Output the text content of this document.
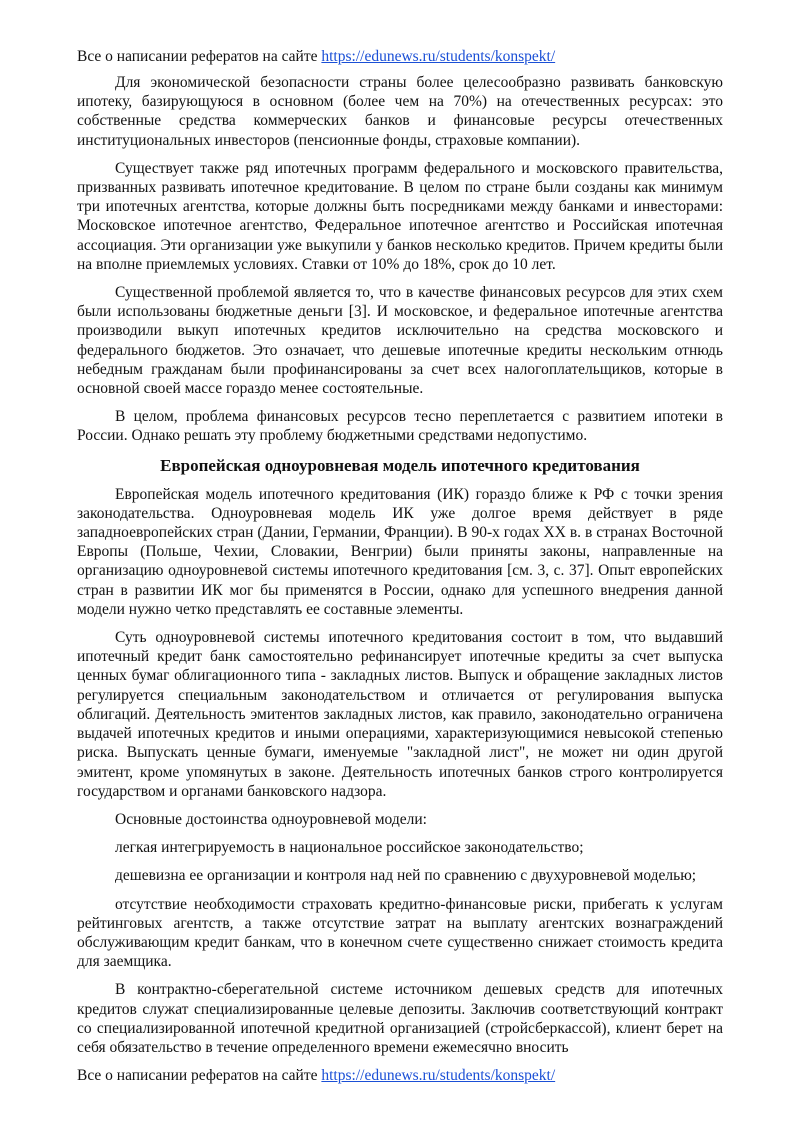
Все о написании рефератов на сайте https://edunews.ru/students/konspekt/

Для экономической безопасности страны более целесообразно развивать банковскую ипотеку, базирующуюся в основном (более чем на 70%) на отечественных ресурсах: это собственные средства коммерческих банков и финансовые ресурсы отечественных институциональных инвесторов (пенсионные фонды, страховые компании).

Существует также ряд ипотечных программ федерального и московского правительства, призванных развивать ипотечное кредитование. В целом по стране были созданы как минимум три ипотечных агентства, которые должны быть посредниками между банками и инвесторами: Московское ипотечное агентство, Федеральное ипотечное агентство и Российская ипотечная ассоциация. Эти организации уже выкупили у банков несколько кредитов. Причем кредиты были на вполне приемлемых условиях. Ставки от 10% до 18%, срок до 10 лет.

Существенной проблемой является то, что в качестве финансовых ресурсов для этих схем были использованы бюджетные деньги [3]. И московское, и федеральное ипотечные агентства производили выкуп ипотечных кредитов исключительно на средства московского и федерального бюджетов. Это означает, что дешевые ипотечные кредиты нескольким отнюдь небедным гражданам были профинансированы за счет всех налогоплательщиков, которые в основной своей массе гораздо менее состоятельные.

В целом, проблема финансовых ресурсов тесно переплетается с развитием ипотеки в России. Однако решать эту проблему бюджетными средствами недопустимо.

Европейская одноуровневая модель ипотечного кредитования

Европейская модель ипотечного кредитования (ИК) гораздо ближе к РФ с точки зрения законодательства. Одноуровневая модель ИК уже долгое время действует в ряде западноевропейских стран (Дании, Германии, Франции). В 90-х годах XX в. в странах Восточной Европы (Польше, Чехии, Словакии, Венгрии) были приняты законы, направленные на организацию одноуровневой системы ипотечного кредитования [см. 3, с. 37]. Опыт европейских стран в развитии ИК мог бы применятся в России, однако для успешного внедрения данной модели нужно четко представлять ее составные элементы.

Суть одноуровневой системы ипотечного кредитования состоит в том, что выдавший ипотечный кредит банк самостоятельно рефинансирует ипотечные кредиты за счет выпуска ценных бумаг облигационного типа - закладных листов. Выпуск и обращение закладных листов регулируется специальным законодательством и отличается от регулирования выпуска облигаций. Деятельность эмитентов закладных листов, как правило, законодательно ограничена выдачей ипотечных кредитов и иными операциями, характеризующимися невысокой степенью риска. Выпускать ценные бумаги, именуемые "закладной лист", не может ни один другой эмитент, кроме упомянутых в законе. Деятельность ипотечных банков строго контролируется государством и органами банковского надзора.

Основные достоинства одноуровневой модели:

легкая интегрируемость в национальное российское законодательство;

дешевизна ее организации и контроля над ней по сравнению с двухуровневой моделью;

отсутствие необходимости страховать кредитно-финансовые риски, прибегать к услугам рейтинговых агентств, а также отсутствие затрат на выплату агентских вознаграждений обслуживающим кредит банкам, что в конечном счете существенно снижает стоимость кредита для заемщика.

В контрактно-сберегательной системе источником дешевых средств для ипотечных кредитов служат специализированные целевые депозиты. Заключив соответствующий контракт со специализированной ипотечной кредитной организацией (стройсберкассой), клиент берет на себя обязательство в течение определенного времени ежемесячно вносить

Все о написании рефератов на сайте https://edunews.ru/students/konspekt/
